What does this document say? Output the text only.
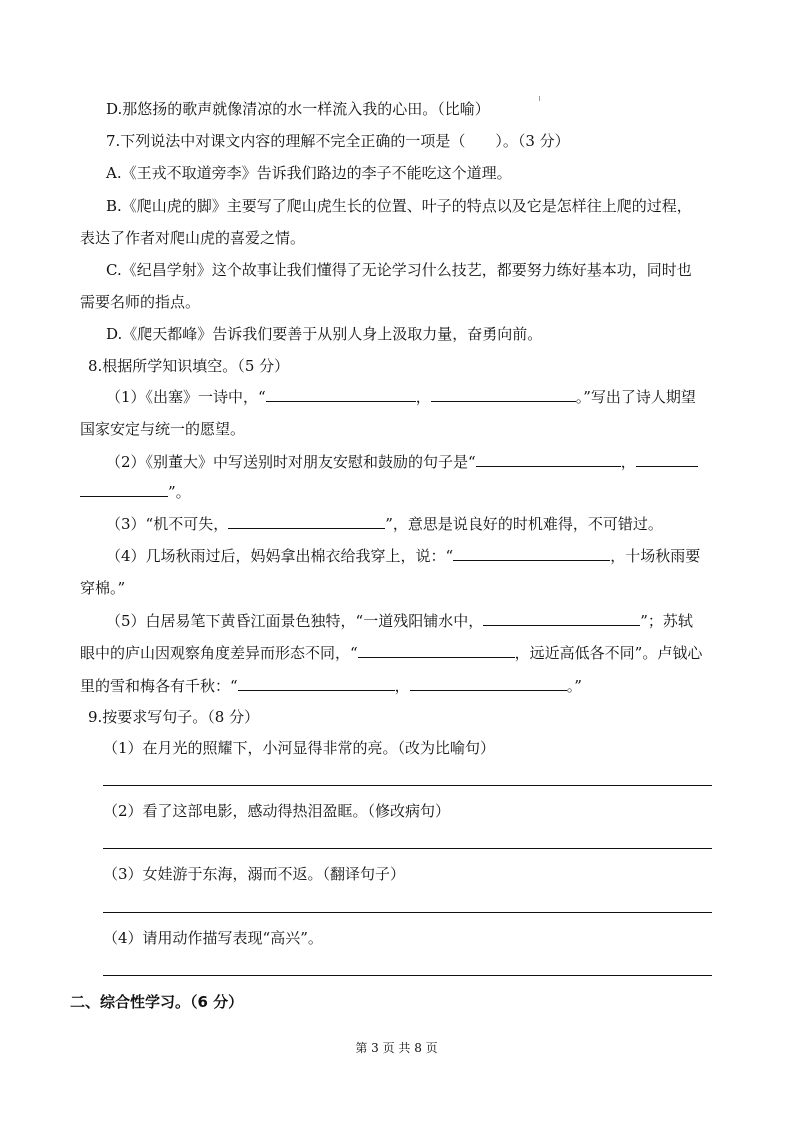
D.那悠扬的歌声就像清凉的水一样流入我的心田。（比喻）
7.下列说法中对课文内容的理解不完全正确的一项是（　　）。（3 分）
A.《王戎不取道旁李》告诉我们路边的李子不能吃这个道理。
B.《爬山虎的脚》主要写了爬山虎生长的位置、叶子的特点以及它是怎样往上爬的过程，
表达了作者对爬山虎的喜爱之情。
C.《纪昌学射》这个故事让我们懂得了无论学习什么技艺，都要努力练好基本功，同时也
需要名师的指点。
D.《爬天都峰》告诉我们要善于从别人身上汲取力量，奋勇向前。
8.根据所学知识填空。（5 分）
（1）《出塞》一诗中，“	，	。”写出了诗人期望
国家安定与统一的愿望。
（2）《别董大》中写送别时对朋友安慰和鼓励的句子是“	，
”。
（3）“机不可失，	”，意思是说良好的时机难得，不可错过。
（4）几场秋雨过后，妈妈拿出棉衣给我穿上，说：“	，十场秋雨要
穿棉。”
（5）白居易笔下黄昏江面景色独特，“一道残阳铺水中，	”；苏轼
眼中的庐山因观察角度差异而形态不同，“	，远近高低各不同”。卢钺心
里的雪和梅各有千秋：“	，	。”
9.按要求写句子。（8 分）
（1）在月光的照耀下，小河显得非常的亮。（改为比喻句）
（2）看了这部电影，感动得热泪盈眶。（修改病句）
（3）女娃游于东海，溺而不返。（翻译句子）
（4）请用动作描写表现“高兴”。
二、综合性学习。（6 分）
第 3 页 共 8 页
